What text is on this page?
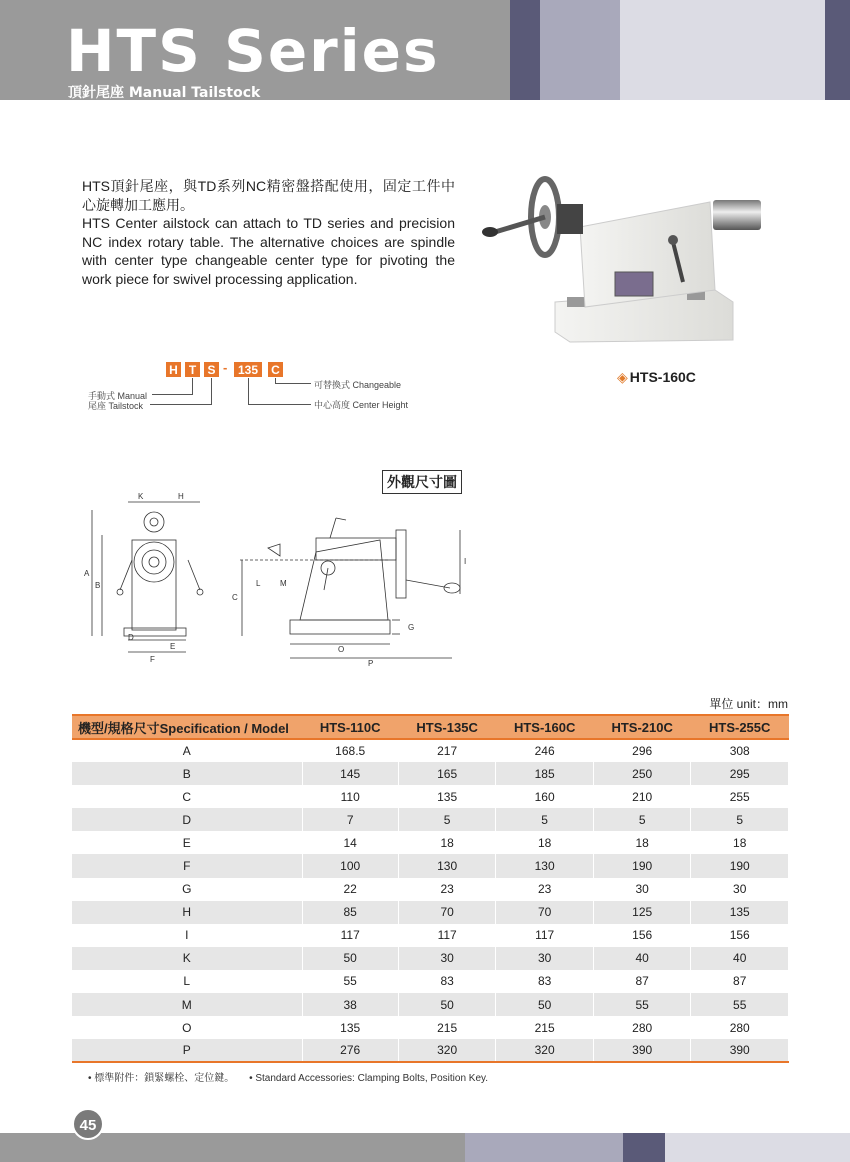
HTS Series
頂針尾座 Manual Tailstock

HTS頂針尾座，與TD系列NC精密盤搭配使用，固定工件中心旋轉加工應用。

HTS Center ailstock can attach to TD series and precision NC index rotary table. The alternative choices are spindle with center type changeable center type for pivoting the work piece for swivel processing application.

◈ HTS-160C
H T S - 135	C
可替換式 Changeable
中心高度 Center Height
手動式 Manual
尾座 Tailstock
外觀尺寸圖
K	H
A
B
D
E
F
C
L M
G
O
P
I
單位 unit：mm
機型/規格尺寸Specification / Model	HTS-110C	HTS-135C	HTS-160C	HTS-210C	HTS-255C
A	168.5	217	246	296	308
B	145	165	185	250	295
C	110	135	160	210	255
D	7	5	5	5	5
E	14	18	18	18	18
F	100	130	130	190	190
G	22	23	23	30	30
H	85	70	70	125	135
I	117	117	117	156	156
K	50	30	30	40	40
L	55	83	83	87	87
M	38	50	50	55	55
O	135	215	215	280	280
P	276	320	320	390	390
• 標準附件：鎖緊螺栓、定位鍵。 • Standard Accessories: Clamping Bolts, Position Key.
45
